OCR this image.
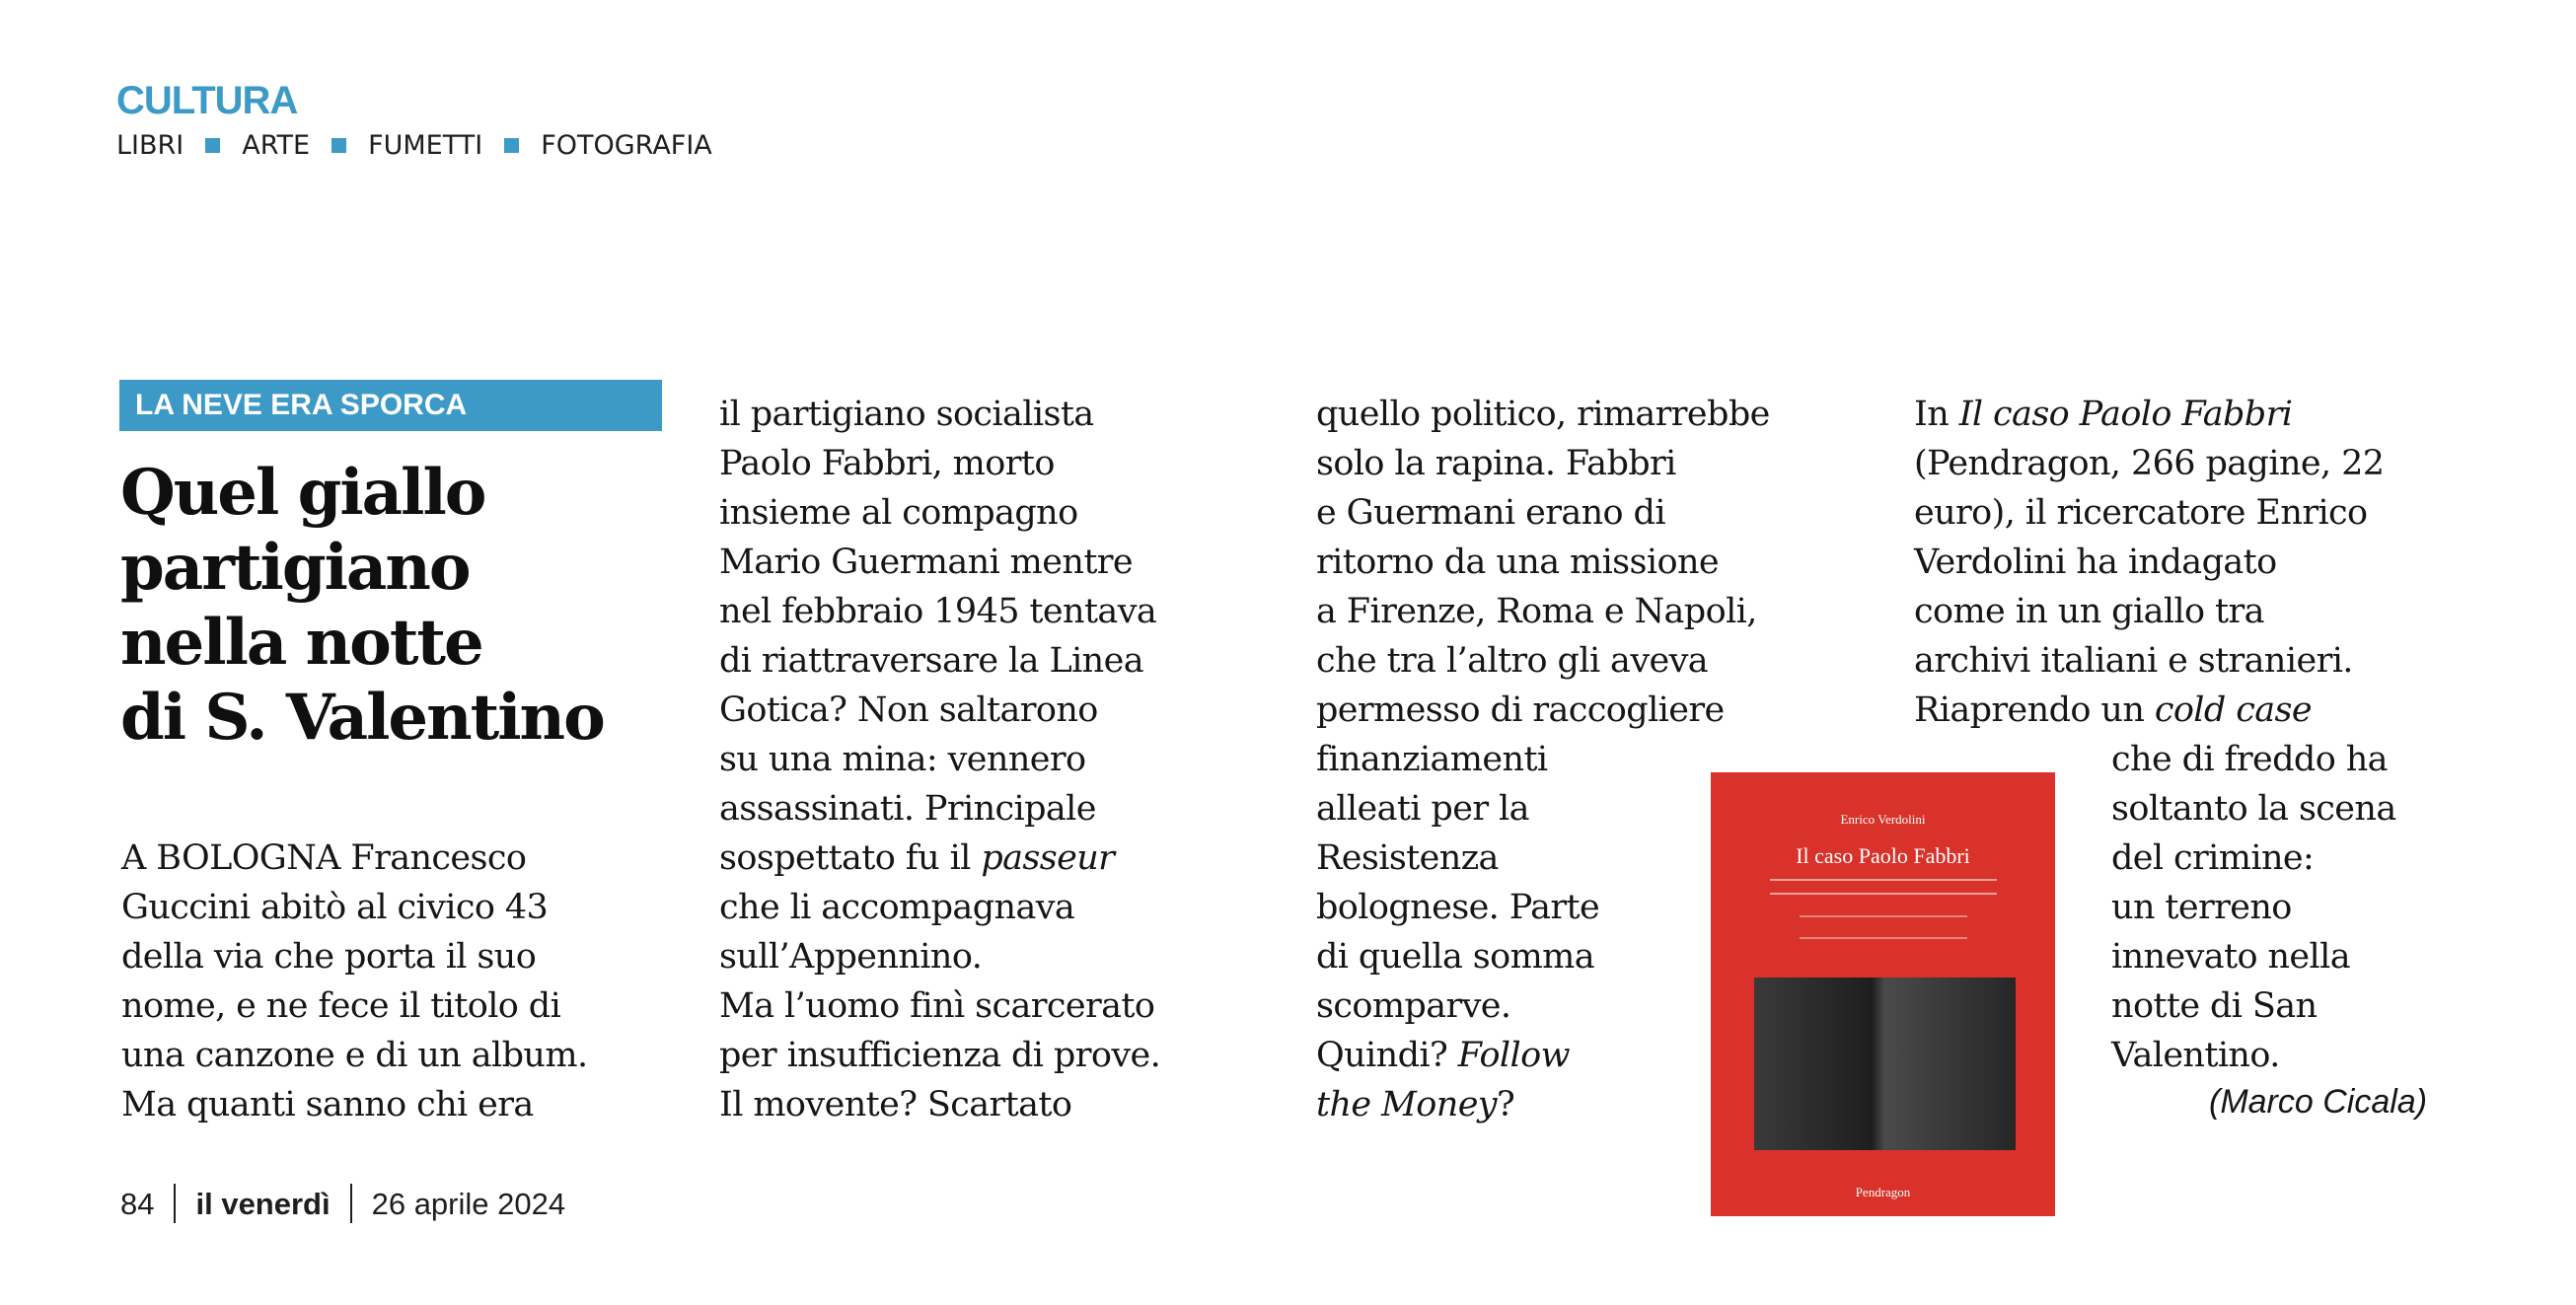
CULTURA
LIBRI ARTE FUMETTI FOTOGRAFIA
LA NEVE ERA SPORCA
Quel giallo
partigiano
nella notte
di S. Valentino
A BOLOGNA Francesco
Guccini abitò al civico 43
della via che porta il suo
nome, e ne fece il titolo di
una canzone e di un album.
Ma quanti sanno chi era
il partigiano socialista
Paolo Fabbri, morto
insieme al compagno
Mario Guermani mentre
nel febbraio 1945 tentava
di riattraversare la Linea
Gotica? Non saltarono
su una mina: vennero
assassinati. Principale
sospettato fu il passeur
che li accompagnava
sull’Appennino.
Ma l’uomo finì scarcerato
per insufficienza di prove.
Il movente? Scartato
quello politico, rimarrebbe
solo la rapina. Fabbri
e Guermani erano di
ritorno da una missione
a Firenze, Roma e Napoli,
che tra l’altro gli aveva
permesso di raccogliere
finanziamenti
alleati per la
Resistenza
bolognese. Parte
di quella somma
scomparve.
Quindi? Follow
the Money?
In Il caso Paolo Fabbri
(Pendragon, 266 pagine, 22
euro), il ricercatore Enrico
Verdolini ha indagato
come in un giallo tra
archivi italiani e stranieri.
Riaprendo un cold case
che di freddo ha
soltanto la scena
del crimine:
un terreno
innevato nella
notte di San
Valentino.
(Marco Cicala)
Enrico Verdolini
Il caso Paolo Fabbri
Pendragon
84 il venerdì 26 aprile 2024
